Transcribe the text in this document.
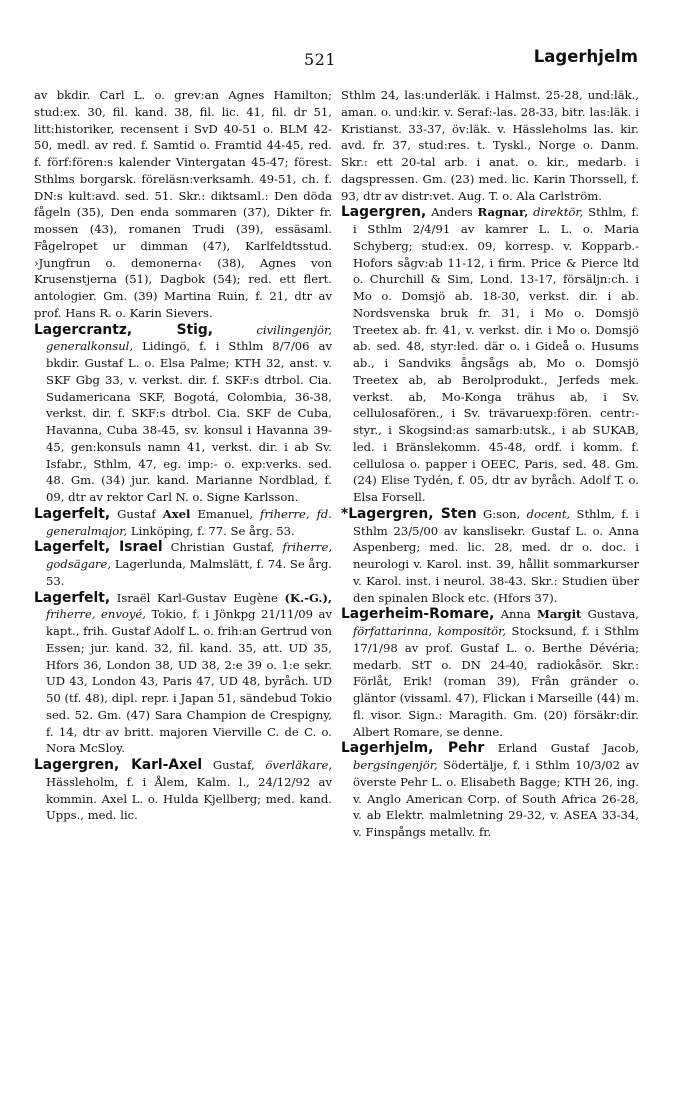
521	Lagerhjelm

av bkdir. Carl L. o. grev:an Agnes Hamilton; stud:ex. 30, fil. kand. 38, fil. lic. 41, fil. dr 51, litt:historiker, recensent i SvD 40-51 o. BLM 42-50, medl. av red. f. Samtid o. Framtid 44-45, red. f. förf:fören:s kalender Vintergatan 45-47; förest. Sthlms borgarsk. föreläsn:verksamh. 49-51, ch. f. DN:s kult:avd. sed. 51. Skr.: diktsaml.: Den döda fågeln (35), Den enda sommaren (37), Dikter fr. mossen (43), romanen Trudi (39), essäsaml. Fågelropet ur dimman (47), Karlfeldtsstud. ›Jungfrun o. demonerna‹ (38), Agnes von Krusenstjerna (51), Dagbok (54); red. ett flert. antologier. Gm. (39) Martina Ruin, f. 21, dtr av prof. Hans R. o. Karin Sievers.

Lagercrantz, Stig,	civilingenjör, generalkonsul, Lidingö, f. i Sthlm 8/7/06 av bkdir. Gustaf L. o. Elsa Palme; KTH 32, anst. v. SKF Gbg 33, v. verkst. dir. f. SKF:s dtrbol. Cia. Sudamericana SKF, Bogotá, Colombia, 36-38, verkst. dir. f. SKF:s dtrbol. Cia. SKF de Cuba, Havanna, Cuba 38-45, sv. konsul i Havanna 39-45, gen:konsuls namn 41, verkst. dir. i ab Sv. Isfabr., Sthlm, 47, eg. imp:- o. exp:verks. sed. 48. Gm. (34) jur. kand. Marianne Nordblad, f. 09, dtr av rektor Carl N. o. Signe Karlsson.

Lagerfelt, Gustaf Axel Emanuel, friherre, fd. generalmajor, Linköping, f. 77. Se årg. 53.

Lagerfelt, Israel Christian Gustaf, friherre, godsägare, Lagerlunda, Malmslätt, f. 74. Se årg. 53.

Lagerfelt, Israël Karl-Gustav Eugène (K.-G.), friherre, envoyé, Tokio, f. i Jönkpg 21/11/09 av kapt., frih. Gustaf Adolf L. o. frih:an Gertrud von Essen; jur. kand. 32, fil. kand. 35, att. UD 35, Hfors 36, London 38, UD 38, 2:e 39 o. 1:e sekr. UD 43, London 43, Paris 47, UD 48, byråch. UD 50 (tf. 48), dipl. repr. i Japan 51, sändebud Tokio sed. 52. Gm. (47) Sara Champion de Crespigny, f. 14, dtr av britt. majoren Vierville C. de C. o. Nora McSloy.

Lagergren, Karl-Axel Gustaf, överläkare, Hässleholm, f. i Ålem, Kalm. l., 24/12/92 av kommin. Axel L. o. Hulda Kjellberg; med. kand. Upps., med. lic.

Sthlm 24, las:underläk. i Halmst. 25-28, und:läk., aman. o. und:kir. v. Seraf:-las. 28-33, bitr. las:läk. i Kristianst. 33-37, öv:läk. v. Hässleholms las. kir. avd. fr. 37, stud:res. t. Tyskl., Norge o. Danm. Skr.: ett 20-tal arb. i anat. o. kir., medarb. i dagspressen. Gm. (23) med. lic. Karin Thorssell, f. 93, dtr av distr:vet. Aug. T. o. Ala Carlström.

Lagergren, Anders Ragnar, direktör, Sthlm, f. i Sthlm 2/4/91 av kamrer L. L. o. Maria Schyberg; stud:ex. 09, korresp. v. Kopparb.-Hofors sågv:ab 11-12, i firm. Price & Pierce ltd o. Churchill & Sim, Lond. 13-17, försäljn:ch. i Mo o. Domsjö ab. 18-30, verkst. dir. i ab. Nordsvenska bruk fr. 31, i Mo o. Domsjö Treetex ab. fr. 41, v. verkst. dir. i Mo o. Domsjö ab. sed. 48, styr:led. där o. i Gideå o. Husums ab., i Sandviks ångsågs ab, Mo o. Domsjö Treetex ab, ab Berolprodukt., Jerfeds mek. verkst. ab, Mo-Konga trähus ab, i Sv. cellulosafören., i Sv. trävaruexp:fören. centr:-styr., i Skogsind:as samarb:utsk., i ab SUKAB, led. i Bränslekomm. 45-48, ordf. i komm. f. cellulosa o. papper i OEEC, Paris, sed. 48. Gm. (24) Elise Tydén, f. 05, dtr av byråch. Adolf T. o. Elsa Forsell.

*Lagergren, Sten G:son, docent, Sthlm, f. i Sthlm 23/5/00 av kanslisekr. Gustaf L. o. Anna Aspenberg; med. lic. 28, med. dr o. doc. i neurologi v. Karol. inst. 39, hållit sommarkurser v. Karol. inst. i neurol. 38-43. Skr.: Studien über den spinalen Block etc. (Hfors 37).

Lagerheim-Romare, Anna Margit Gustava, författarinna, kompositör, Stocksund, f. i Sthlm 17/1/98 av prof. Gustaf L. o. Berthe Dévéria; medarb. StT o. DN 24-40, radiokåsör. Skr.: Förlåt, Erik! (roman 39), Från gränder o. gläntor (vissaml. 47), Flickan i Marseille (44) m. fl. visor. Sign.: Maragith. Gm. (20) försäkr:dir. Albert Romare, se denne.

Lagerhjelm, Pehr Erland Gustaf Jacob, bergsingenjör, Södertälje, f. i Sthlm 10/3/02 av överste Pehr L. o. Elisabeth Bagge; KTH 26, ing. v. Anglo American Corp. of South Africa 26-28, v. ab Elektr. malmletning 29-32, v. ASEA 33-34, v. Finspångs metallv. fr.
